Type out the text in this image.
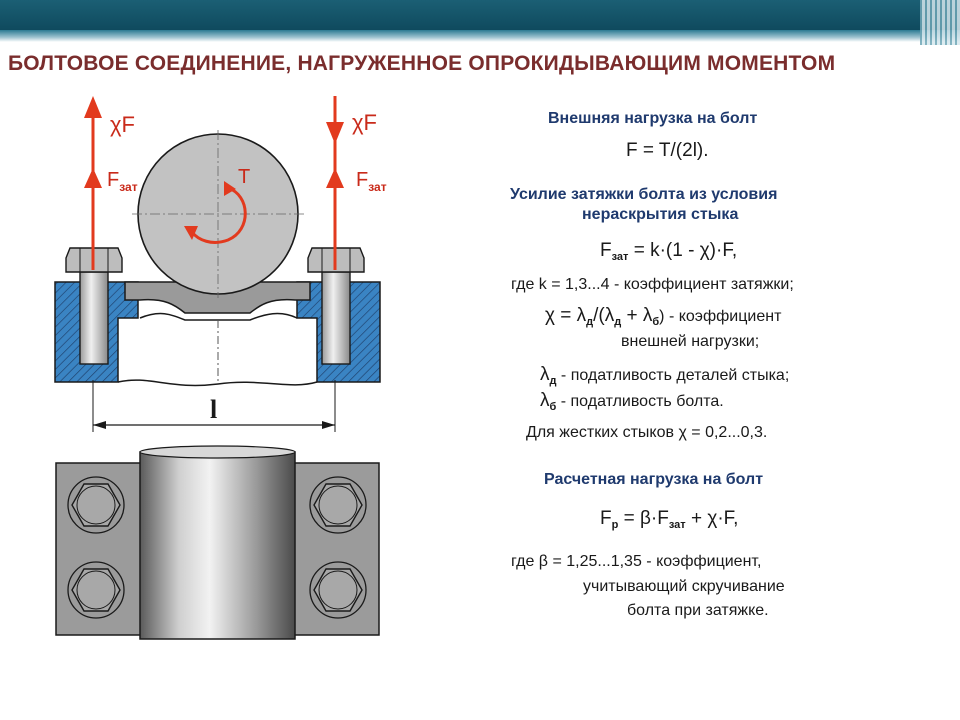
БОЛТОВОЕ СОЕДИНЕНИЕ, НАГРУЖЕННОЕ ОПРОКИДЫВАЮЩИМ МОМЕНТОМ
χF	χF
$F_{зат}$	$F_{зат}$
T
l
Внешняя нагрузка на болт
F = T/(2l).
Усилие затяжки болта из условия
нераскрытия стыка
$F_{зат} = k\cdot(1 - \chi)\cdot F$,
где k = 1,3...4 - коэффициент затяжки;
$\chi = \lambda_д/(\lambda_д + \lambda_б)$ - коэффициент
внешней нагрузки;
$\lambda_д$ - податливость деталей стыка;
$\lambda_б$ - податливость болта.
Для жестких стыков χ = 0,2...0,3.
Расчетная нагрузка на болт
$F_р = \beta\cdot F_{зат} + \chi\cdot F$,
где β = 1,25...1,35 - коэффициент,
учитывающий скручивание
болта при затяжке.
